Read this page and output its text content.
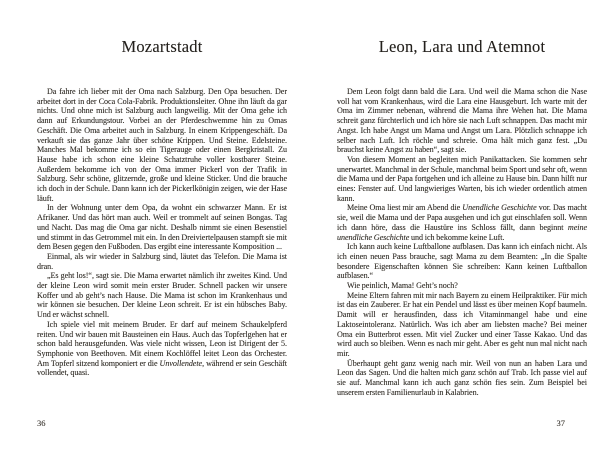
Mozartstadt

Da fahre ich lieber mit der Oma nach Salzburg. Den Opa besuchen. Der arbeitet dort in der Coca Cola-Fabrik. Produktionsleiter. Ohne ihn läuft da gar nichts. Und ohne mich ist Salzburg auch langweilig. Mit der Oma gehe ich dann auf Erkundungstour. Vorbei an der Pferdeschwemme hin zu Omas Geschäft. Die Oma arbeitet auch in Salzburg. In einem Krippengeschäft. Da verkauft sie das ganze Jahr über schöne Krippen. Und Steine. Edelsteine. Manches Mal bekomme ich so ein Tigerauge oder einen Bergkristall. Zu Hause habe ich schon eine kleine Schatztruhe voller kostbarer Steine. Außerdem bekomme ich von der Oma immer Pickerl von der Trafik in Salzburg. Sehr schöne, glitzernde, große und kleine Sticker. Und die brauche ich doch in der Schule. Dann kann ich der Pickerlkönigin zeigen, wie der Hase läuft.

In der Wohnung unter dem Opa, da wohnt ein schwarzer Mann. Er ist Afrikaner. Und das hört man auch. Weil er trommelt auf seinen Bongas. Tag und Nacht. Das mag die Oma gar nicht. Deshalb nimmt sie einen Besenstiel und stimmt in das Getrommel mit ein. In den Dreiviertelpausen stampft sie mit dem Besen gegen den Fußboden. Das ergibt eine interessante Komposition ...

Einmal, als wir wieder in Salzburg sind, läutet das Telefon. Die Mama ist dran.

„Es geht los!“, sagt sie. Die Mama erwartet nämlich ihr zweites Kind. Und der kleine Leon wird somit mein erster Bruder. Schnell packen wir unsere Koffer und ab geht’s nach Hause. Die Mama ist schon im Krankenhaus und wir können sie besuchen. Der kleine Leon schreit. Er ist ein hübsches Baby. Und er wächst schnell.

Ich spiele viel mit meinem Bruder. Er darf auf meinem Schaukelpferd reiten. Und wir bauen mit Bausteinen ein Haus. Auch das Topferlgehen hat er schon bald herausgefunden. Was viele nicht wissen, Leon ist Dirigent der 5. Symphonie von Beethoven. Mit einem Kochlöffel leitet Leon das Orchester. Am Topferl sitzend komponiert er die Unvollendete, während er sein Geschäft vollendet, quasi.

36
Leon, Lara und Atemnot

Dem Leon folgt dann bald die Lara. Und weil die Mama schon die Nase voll hat vom Krankenhaus, wird die Lara eine Hausgeburt. Ich warte mit der Oma im Zimmer nebenan, während die Mama ihre Wehen hat. Die Mama schreit ganz fürchterlich und ich höre sie nach Luft schnappen. Das macht mir Angst. Ich habe Angst um Mama und Angst um Lara. Plötzlich schnappe ich selber nach Luft. Ich röchle und schreie. Oma hält mich ganz fest. „Du brauchst keine Angst zu haben“, sagt sie.

Von diesem Moment an begleiten mich Panikattacken. Sie kommen sehr unerwartet. Manchmal in der Schule, manchmal beim Sport und sehr oft, wenn die Mama und der Papa fortgehen und ich alleine zu Hause bin. Dann hilft nur eines: Fenster auf. Und langwieriges Warten, bis ich wieder ordentlich atmen kann.

Meine Oma liest mir am Abend die Unendliche Geschichte vor. Das macht sie, weil die Mama und der Papa ausgehen und ich gut einschlafen soll. Wenn ich dann höre, dass die Haustüre ins Schloss fällt, dann beginnt meine unendliche Geschichte und ich bekomme keine Luft.

Ich kann auch keine Luftballone aufblasen. Das kann ich einfach nicht. Als ich einen neuen Pass brauche, sagt Mama zu dem Beamten: „In die Spalte besondere Eigenschaften können Sie schreiben: Kann keinen Luftballon aufblasen.“

Wie peinlich, Mama! Geht’s noch?

Meine Eltern fahren mit mir nach Bayern zu einem Heilpraktiker. Für mich ist das ein Zauberer. Er hat ein Pendel und lässt es über meinen Kopf baumeln. Damit will er herausfinden, dass ich Vitaminmangel habe und eine Laktoseintoleranz. Natürlich. Was ich aber am liebsten mache? Bei meiner Oma ein Butterbrot essen. Mit viel Zucker und einer Tasse Kakao. Und das wird auch so bleiben. Wenn es nach mir geht. Aber es geht nun mal nicht nach mir.

Überhaupt geht ganz wenig nach mir. Weil von nun an haben Lara und Leon das Sagen. Und die halten mich ganz schön auf Trab. Ich passe viel auf sie auf. Manchmal kann ich auch ganz schön fies sein. Zum Beispiel bei unserem ersten Familienurlaub in Kalabrien.

37
